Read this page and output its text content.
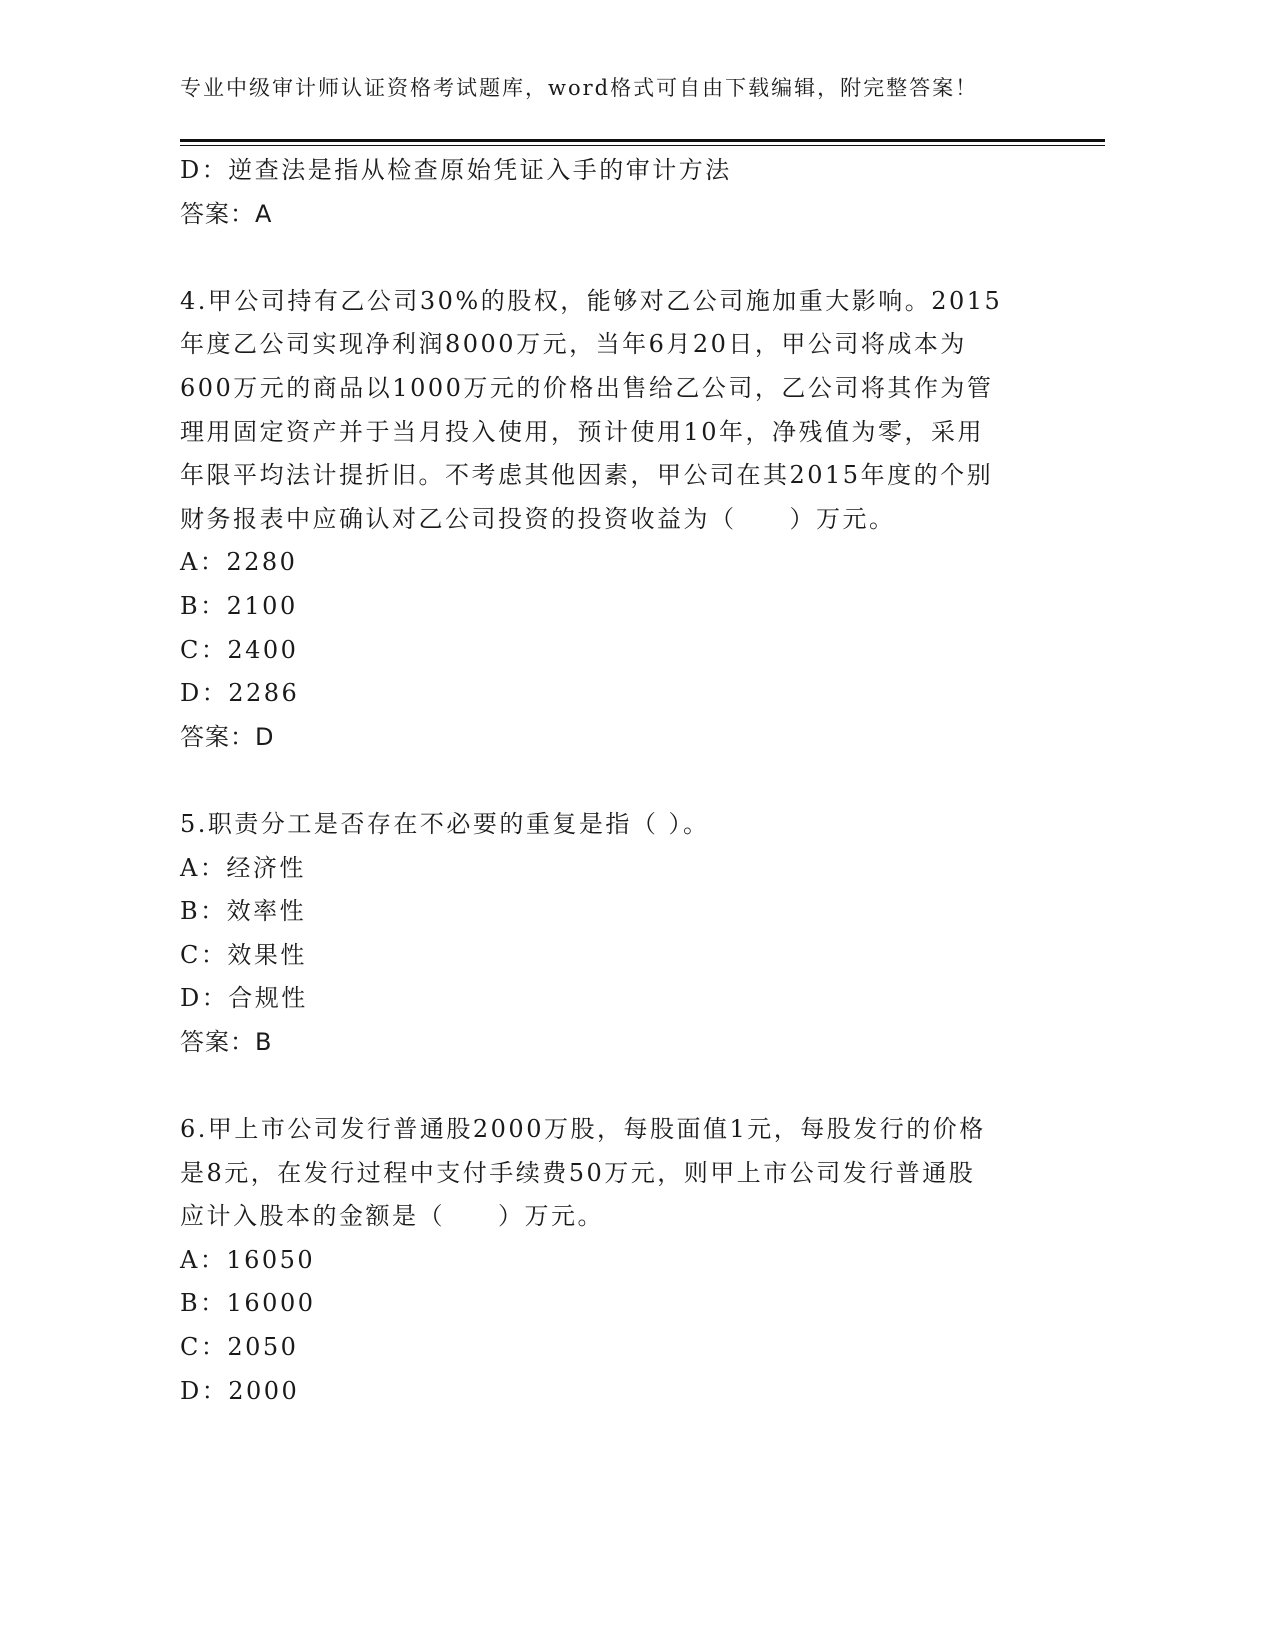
专业中级审计师认证资格考试题库，word格式可自由下载编辑，附完整答案！
D：逆查法是指从检查原始凭证入手的审计方法
答案：A
4.甲公司持有乙公司30%的股权，能够对乙公司施加重大影响。2015
年度乙公司实现净利润8000万元，当年6月20日，甲公司将成本为
600万元的商品以1000万元的价格出售给乙公司，乙公司将其作为管
理用固定资产并于当月投入使用，预计使用10年，净残值为零，采用
年限平均法计提折旧。不考虑其他因素，甲公司在其2015年度的个别
财务报表中应确认对乙公司投资的投资收益为（　　）万元。
A：2280
B：2100
C：2400
D：2286
答案：D
5.职责分工是否存在不必要的重复是指（ ）。
A：经济性
B：效率性
C：效果性
D：合规性
答案：B
6.甲上市公司发行普通股2000万股，每股面值1元，每股发行的价格
是8元，在发行过程中支付手续费50万元，则甲上市公司发行普通股
应计入股本的金额是（　　）万元。
A：16050
B：16000
C：2050
D：2000
